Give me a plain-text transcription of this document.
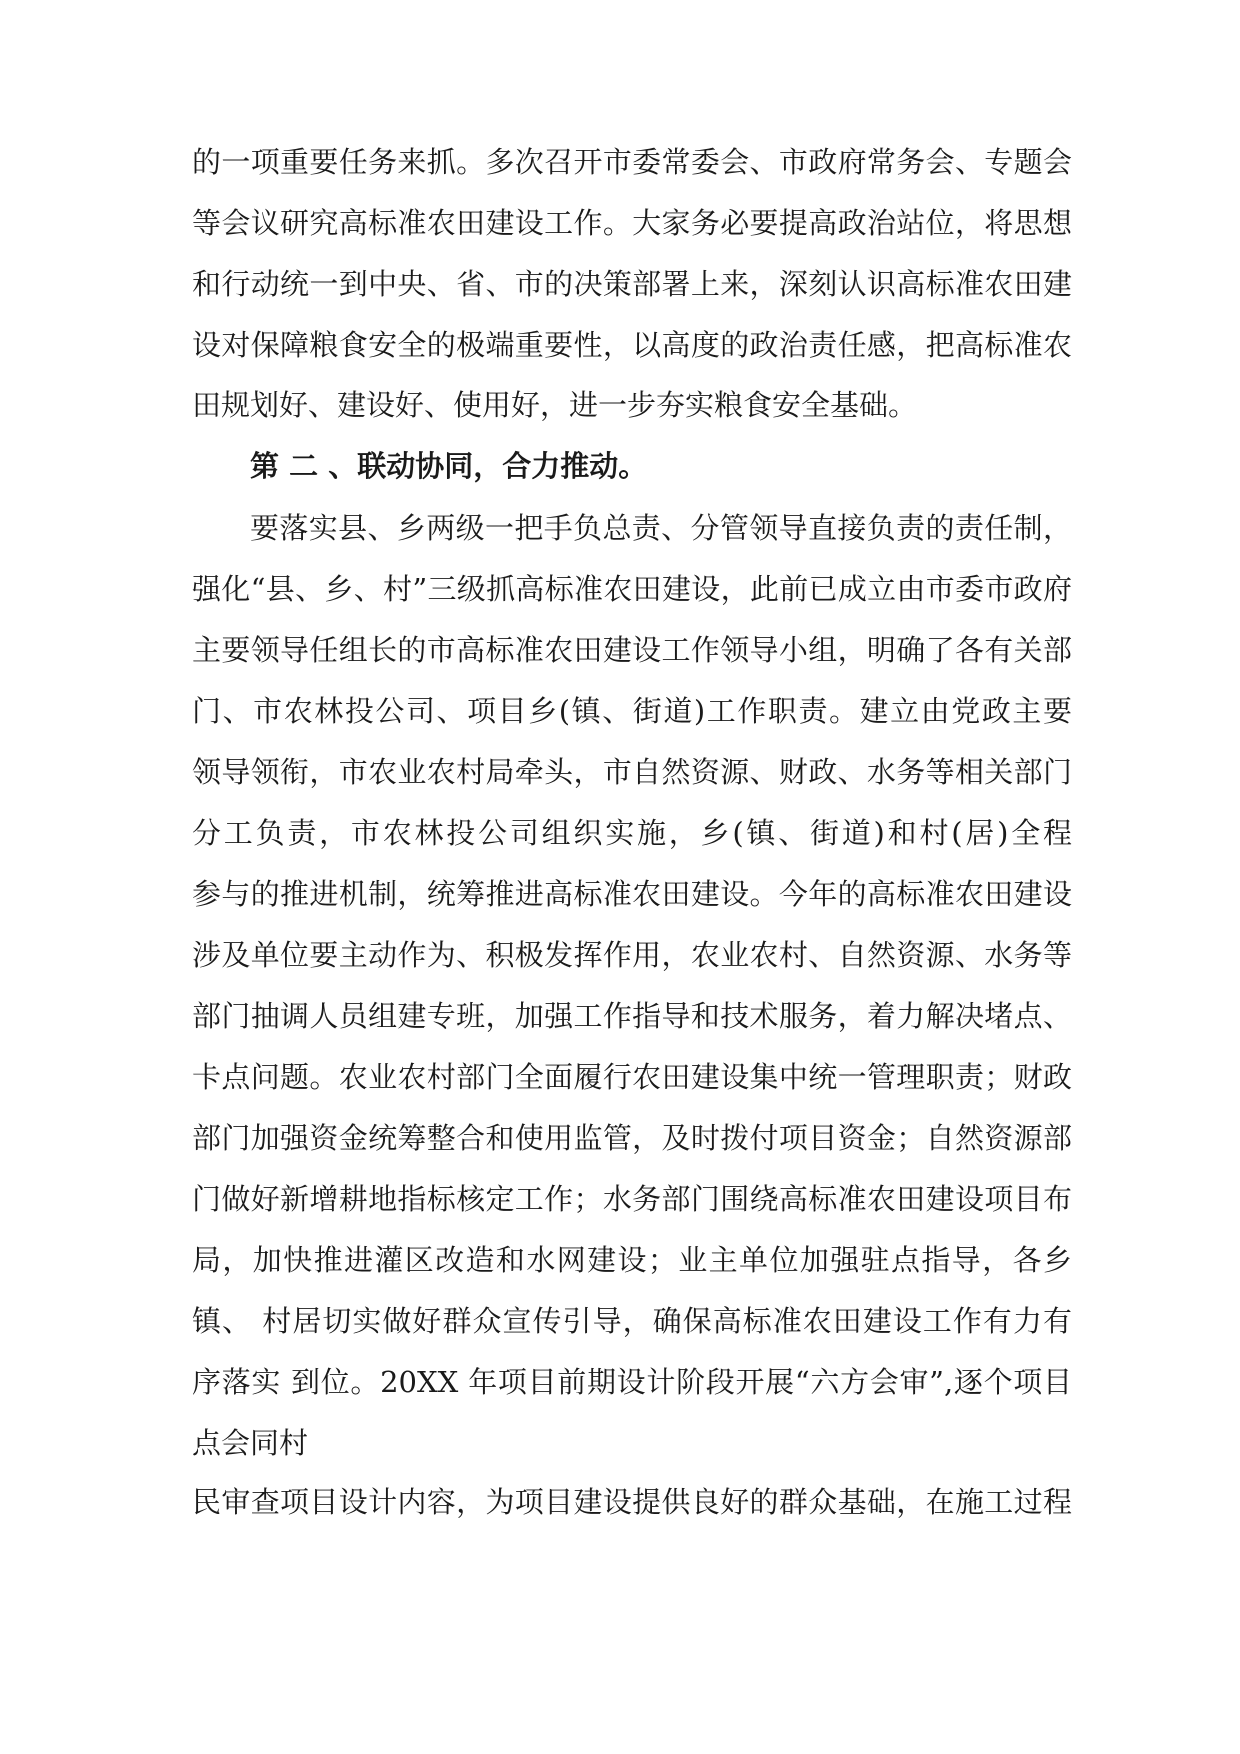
的一项重要任务来抓。多次召开市委常委会、市政府常务会、专题会
等会议研究高标准农田建设工作。大家务必要提高政治站位，将思想
和行动统一到中央、省、市的决策部署上来，深刻认识高标准农田建
设对保障粮食安全的极端重要性，以高度的政治责任感，把高标准农
田规划好、建设好、使用好，进一步夯实粮食安全基础。
第 二 、联动协同，合力推动。
要落实县、乡两级一把手负总责、分管领导直接负责的责任制，
强化“县、乡、村”三级抓高标准农田建设，此前已成立由市委市政府
主要领导任组长的市高标准农田建设工作领导小组，明确了各有关部
门、市农林投公司、项目乡(镇、街道)工作职责。建立由党政主要
领导领衔，市农业农村局牵头，市自然资源、财政、水务等相关部门
分工负责，市农林投公司组织实施，乡(镇、街道)和村(居)全程
参与的推进机制，统筹推进高标准农田建设。今年的高标准农田建设
涉及单位要主动作为、积极发挥作用，农业农村、自然资源、水务等
部门抽调人员组建专班，加强工作指导和技术服务，着力解决堵点、
卡点问题。农业农村部门全面履行农田建设集中统一管理职责；财政
部门加强资金统筹整合和使用监管，及时拨付项目资金；自然资源部
门做好新增耕地指标核定工作；水务部门围绕高标准农田建设项目布
局，加快推进灌区改造和水网建设；业主单位加强驻点指导，各乡
镇、 村居切实做好群众宣传引导，确保高标准农田建设工作有力有
序落实 到位。20XX 年项目前期设计阶段开展“六方会审”,逐个项目
点会同村
民审查项目设计内容，为项目建设提供良好的群众基础，在施工过程
